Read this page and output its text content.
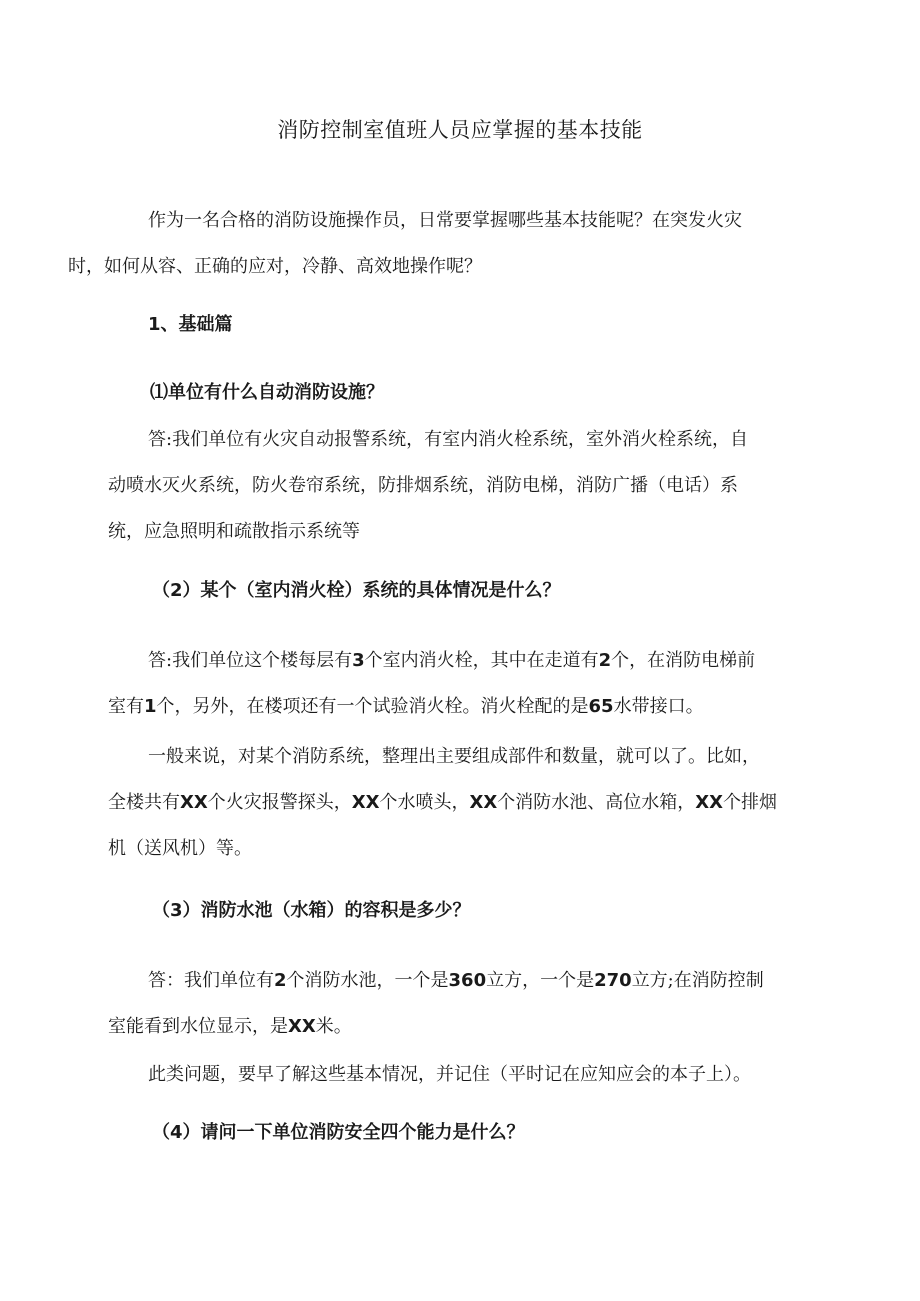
消防控制室值班人员应掌握的基本技能
作为一名合格的消防设施操作员，日常要掌握哪些基本技能呢？在突发火灾
时，如何从容、正确的应对，冷静、高效地操作呢？
1、基础篇
⑴单位有什么自动消防设施？
答:我们单位有火灾自动报警系统，有室内消火栓系统，室外消火栓系统，自
动喷水灭火系统，防火卷帘系统，防排烟系统，消防电梯，消防广播（电话）系
统，应急照明和疏散指示系统等
（2）某个（室内消火栓）系统的具体情况是什么？
答:我们单位这个楼每层有3个室内消火栓，其中在走道有2个，在消防电梯前
室有1个，另外，在楼项还有一个试验消火栓。消火栓配的是65水带接口。
一般来说，对某个消防系统，整理出主要组成部件和数量，就可以了。比如，
全楼共有XX个火灾报警探头，XX个水喷头，XX个消防水池、高位水箱，XX个排烟
机（送风机）等。
（3）消防水池（水箱）的容积是多少？
答：我们单位有2个消防水池，一个是360立方，一个是270立方;在消防控制
室能看到水位显示，是XX米。
此类问题，要早了解这些基本情况，并记住（平时记在应知应会的本子上）。
（4）请问一下单位消防安全四个能力是什么？
